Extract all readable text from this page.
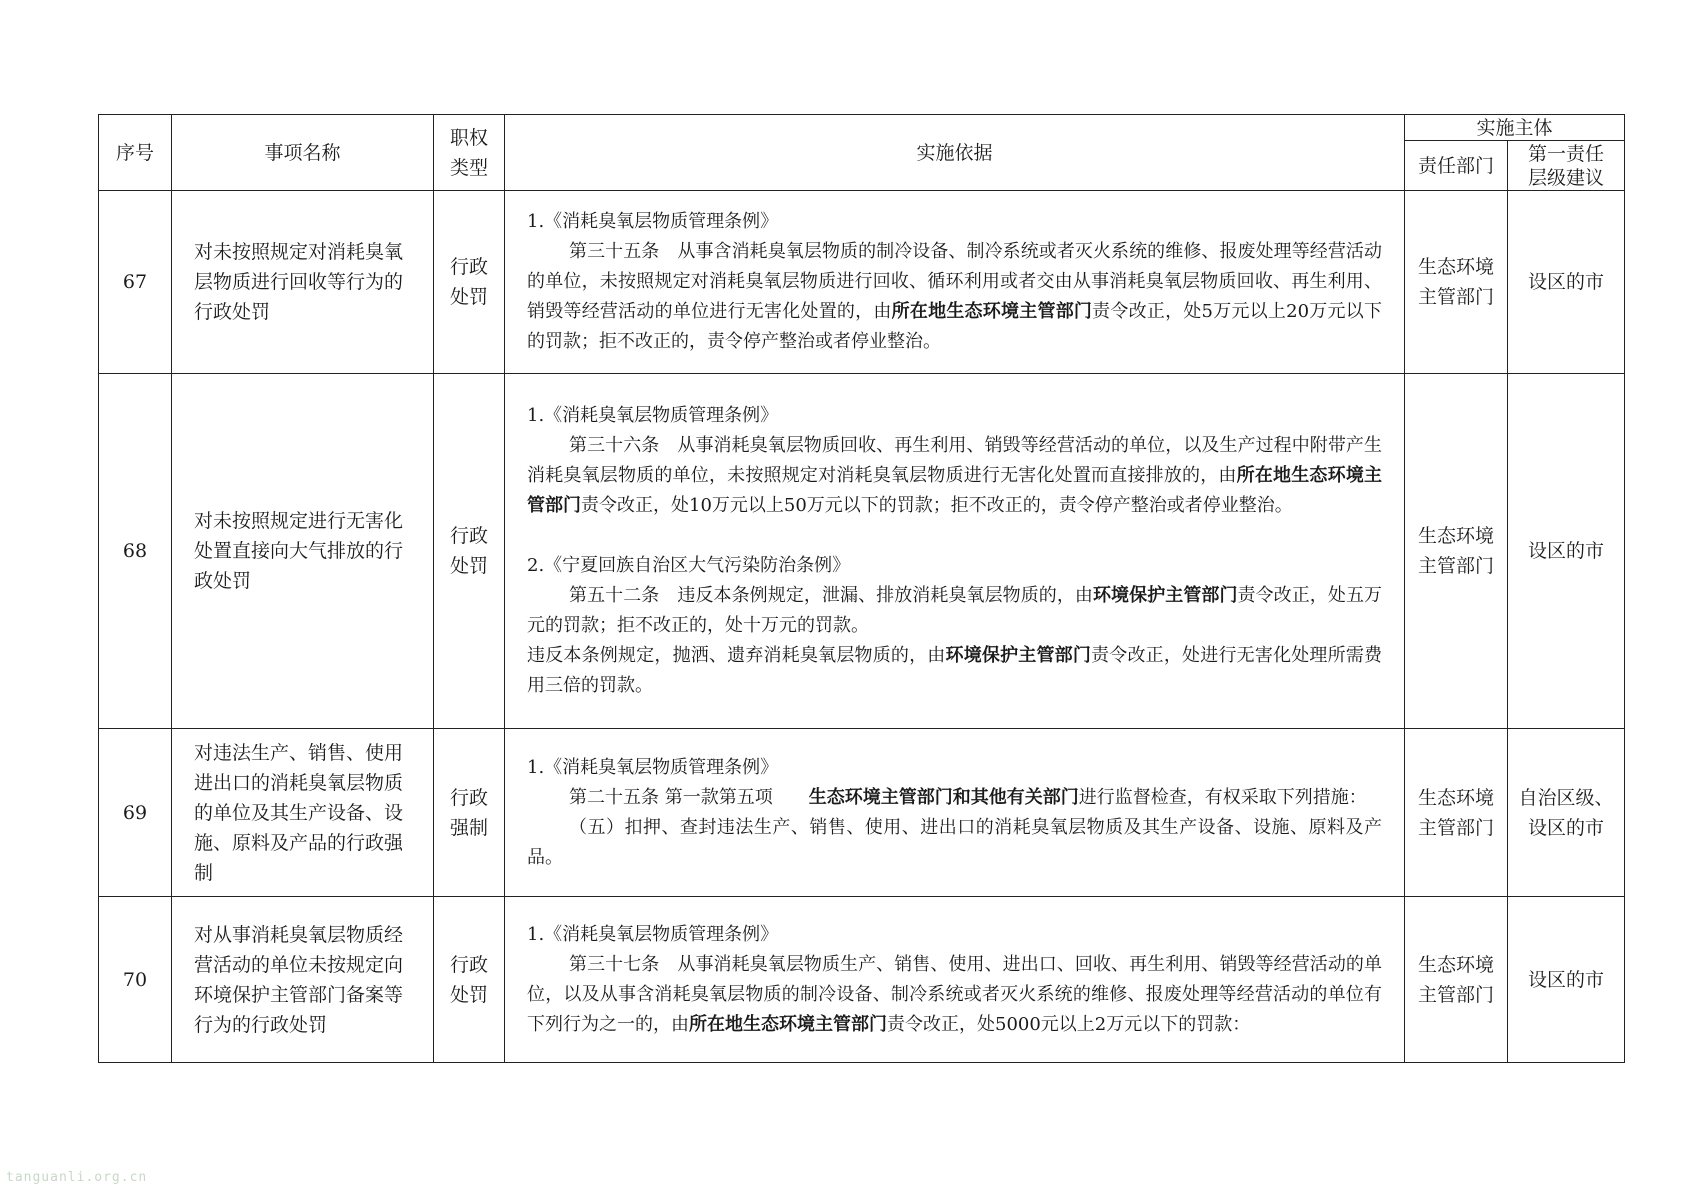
序号	事项名称	职权类型	实施依据	实施主体	
				责任部门	第一责任层级建议
67	对未按照规定对消耗臭氧层物质进行回收等行为的行政处罚	行政处罚	1.《消耗臭氧层物质管理条例》

第三十五条　从事含消耗臭氧层物质的制冷设备、制冷系统或者灭火系统的维修、报废处理等经营活动的单位，未按照规定对消耗臭氧层物质进行回收、循环利用或者交由从事消耗臭氧层物质回收、再生利用、销毁等经营活动的单位进行无害化处置的，由所在地生态环境主管部门责令改正，处5万元以上20万元以下的罚款；拒不改正的，责令停产整治或者停业整治。	生态环境主管部门	设区的市
68	对未按照规定进行无害化处置直接向大气排放的行政处罚	行政处罚	1.《消耗臭氧层物质管理条例》

第三十六条　从事消耗臭氧层物质回收、再生利用、销毁等经营活动的单位，以及生产过程中附带产生消耗臭氧层物质的单位，未按照规定对消耗臭氧层物质进行无害化处置而直接排放的，由所在地生态环境主管部门责令改正，处10万元以上50万元以下的罚款；拒不改正的，责令停产整治或者停业整治。

2.《宁夏回族自治区大气污染防治条例》

第五十二条　违反本条例规定，泄漏、排放消耗臭氧层物质的，由环境保护主管部门责令改正，处五万元的罚款；拒不改正的，处十万元的罚款。

违反本条例规定，抛洒、遗弃消耗臭氧层物质的，由环境保护主管部门责令改正，处进行无害化处理所需费用三倍的罚款。	生态环境主管部门	设区的市
69	对违法生产、销售、使用进出口的消耗臭氧层物质的单位及其生产设备、设施、原料及产品的行政强制	行政强制	1.《消耗臭氧层物质管理条例》

第二十五条 第一款第五项　　生态环境主管部门和其他有关部门进行监督检查，有权采取下列措施：

（五）扣押、查封违法生产、销售、使用、进出口的消耗臭氧层物质及其生产设备、设施、原料及产品。	生态环境主管部门	自治区级、设区的市
70	对从事消耗臭氧层物质经营活动的单位未按规定向环境保护主管部门备案等行为的行政处罚	行政处罚	1.《消耗臭氧层物质管理条例》

第三十七条　从事消耗臭氧层物质生产、销售、使用、进出口、回收、再生利用、销毁等经营活动的单位，以及从事含消耗臭氧层物质的制冷设备、制冷系统或者灭火系统的维修、报废处理等经营活动的单位有下列行为之一的，由所在地生态环境主管部门责令改正，处5000元以上2万元以下的罚款：	生态环境主管部门	设区的市
tanguanli.org.cn
